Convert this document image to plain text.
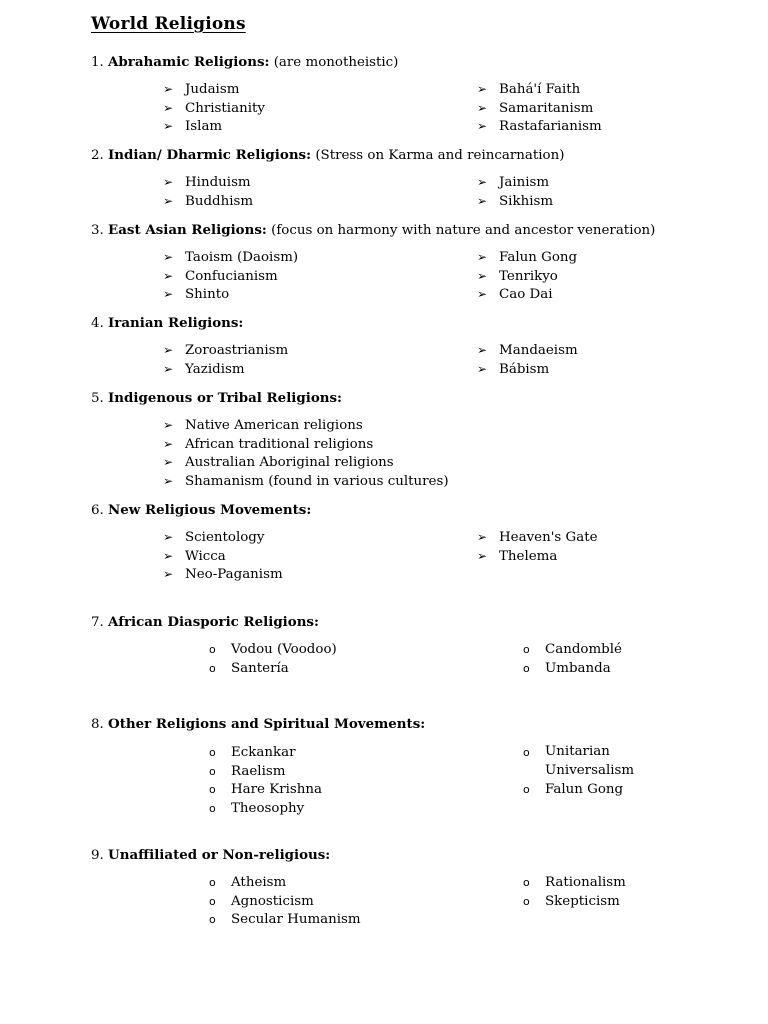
World Religions
1. Abrahamic Religions: (are monotheistic)
➢ Judaism
➢ Christianity
➢ Islam
➢ Bahá'í Faith
➢ Samaritanism
➢ Rastafarianism
2. Indian/ Dharmic Religions: (Stress on Karma and reincarnation)
➢ Hinduism
➢ Buddhism
➢ Jainism
➢ Sikhism
3. East Asian Religions: (focus on harmony with nature and ancestor veneration)
➢ Taoism (Daoism)
➢ Confucianism
➢ Shinto
➢ Falun Gong
➢ Tenrikyo
➢ Cao Dai
4. Iranian Religions:
➢ Zoroastrianism
➢ Yazidism
➢ Mandaeism
➢ Bábism
5. Indigenous or Tribal Religions:
➢ Native American religions
➢ African traditional religions
➢ Australian Aboriginal religions
➢ Shamanism (found in various cultures)
6. New Religious Movements:
➢ Scientology
➢ Wicca
➢ Neo-Paganism
➢ Heaven's Gate
➢ Thelema
7. African Diasporic Religions:
o	Vodou (Voodoo)
o	Santería
o	Candomblé
o	Umbanda
8. Other Religions and Spiritual Movements:
o	Eckankar
o	Raelism
o	Hare Krishna
o	Theosophy
o	Unitarian Universalism
o	Falun Gong
9. Unaffiliated or Non-religious:
o	Atheism
o	Agnosticism
o	Secular Humanism
o	Rationalism
o	Skepticism
